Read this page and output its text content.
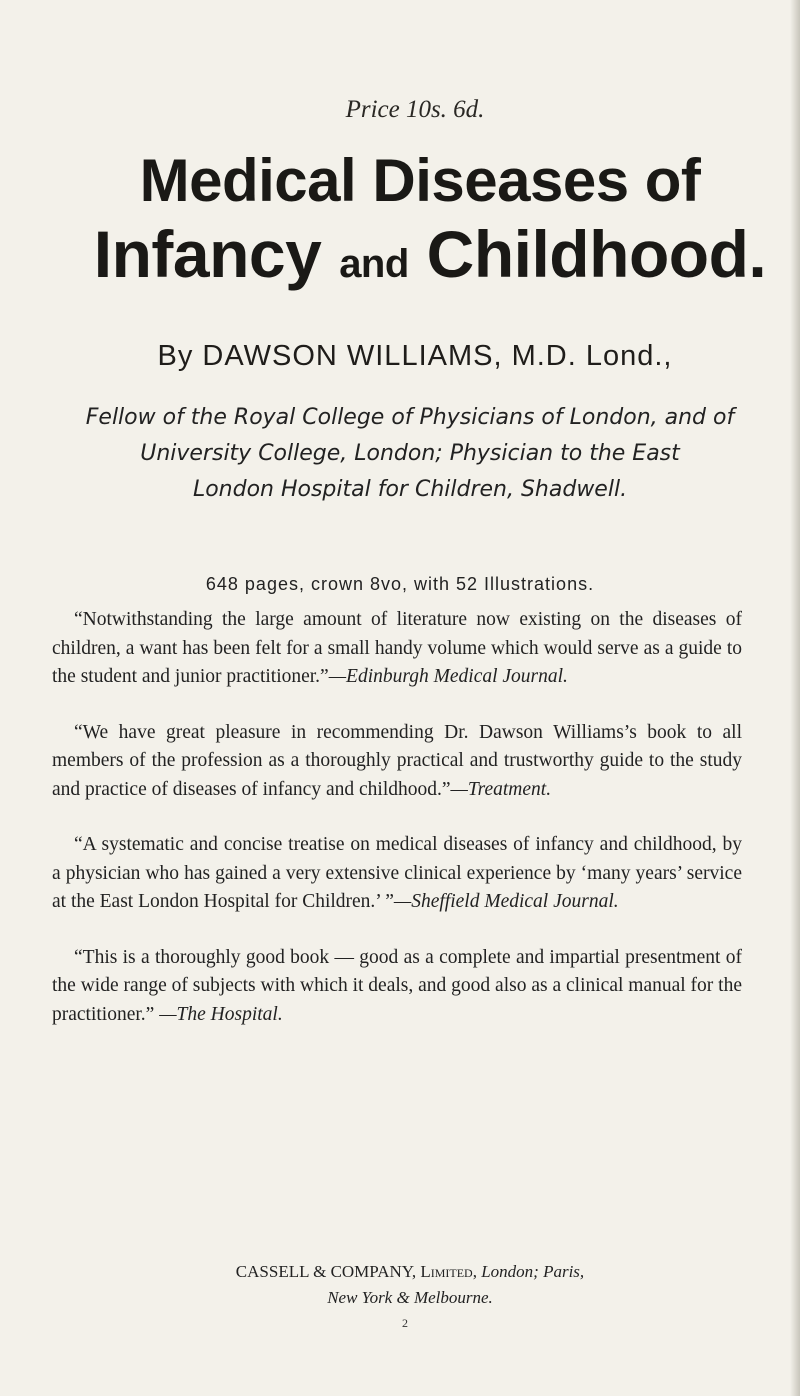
Price 10s. 6d.
Medical Diseases of
Infancy and Childhood.
By DAWSON WILLIAMS, M.D. Lond.,
Fellow of the Royal College of Physicians of London, and of
University College, London; Physician to the East
London Hospital for Children, Shadwell.
648 pages, crown 8vo, with 52 Illustrations.

“Notwithstanding the large amount of literature now existing on the diseases of children, a want has been felt for a small handy volume which would serve as a guide to the student and junior practitioner.”—Edinburgh Medical Journal.

“We have great pleasure in recommending Dr. Dawson Williams’s book to all members of the profession as a thoroughly practical and trustworthy guide to the study and practice of diseases of infancy and childhood.”—Treatment.

“A systematic and concise treatise on medical diseases of infancy and childhood, by a physician who has gained a very extensive clinical experience by ‘many years’ service at the East London Hospital for Children.’ ”—Sheffield Medical Journal.

“This is a thoroughly good book — good as a complete and impartial presentment of the wide range of subjects with which it deals, and good also as a clinical manual for the practitioner.” —The Hospital.

CASSELL & COMPANY, Limited, London; Paris,
New York & Melbourne.
2
